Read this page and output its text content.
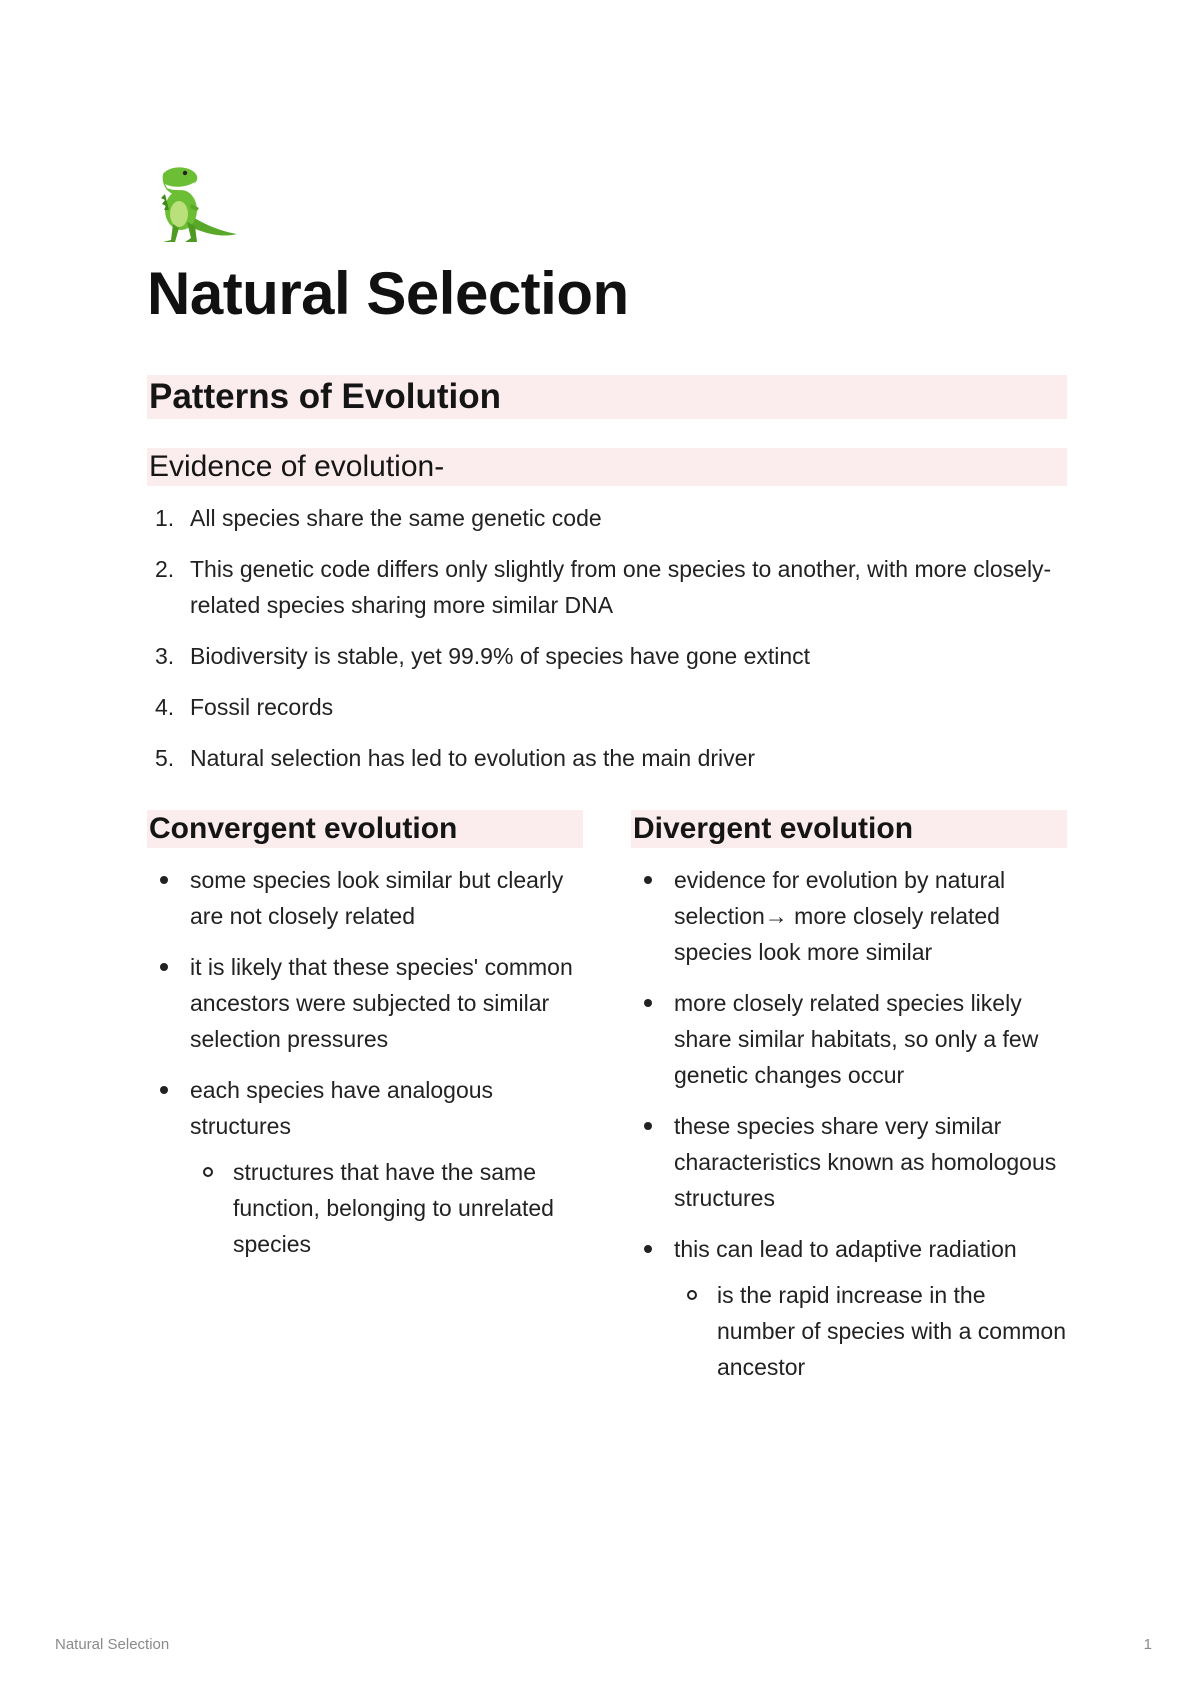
Natural Selection
Patterns of Evolution
Evidence of evolution-
1. All species share the same genetic code
2. This genetic code differs only slightly from one species to another, with more closely-related species sharing more similar DNA
3. Biodiversity is stable, yet 99.9% of species have gone extinct
4. Fossil records
5. Natural selection has led to evolution as the main driver
Convergent evolution
some species look similar but clearly are not closely related
it is likely that these species' common ancestors were subjected to similar selection pressures
each species have analogous structures
structures that have the same function, belonging to unrelated species
Divergent evolution
evidence for evolution by natural selection→ more closely related species look more similar
more closely related species likely share similar habitats, so only a few genetic changes occur
these species share very similar characteristics known as homologous structures
this can lead to adaptive radiation
is the rapid increase in the number of species with a common ancestor
Natural Selection	1
